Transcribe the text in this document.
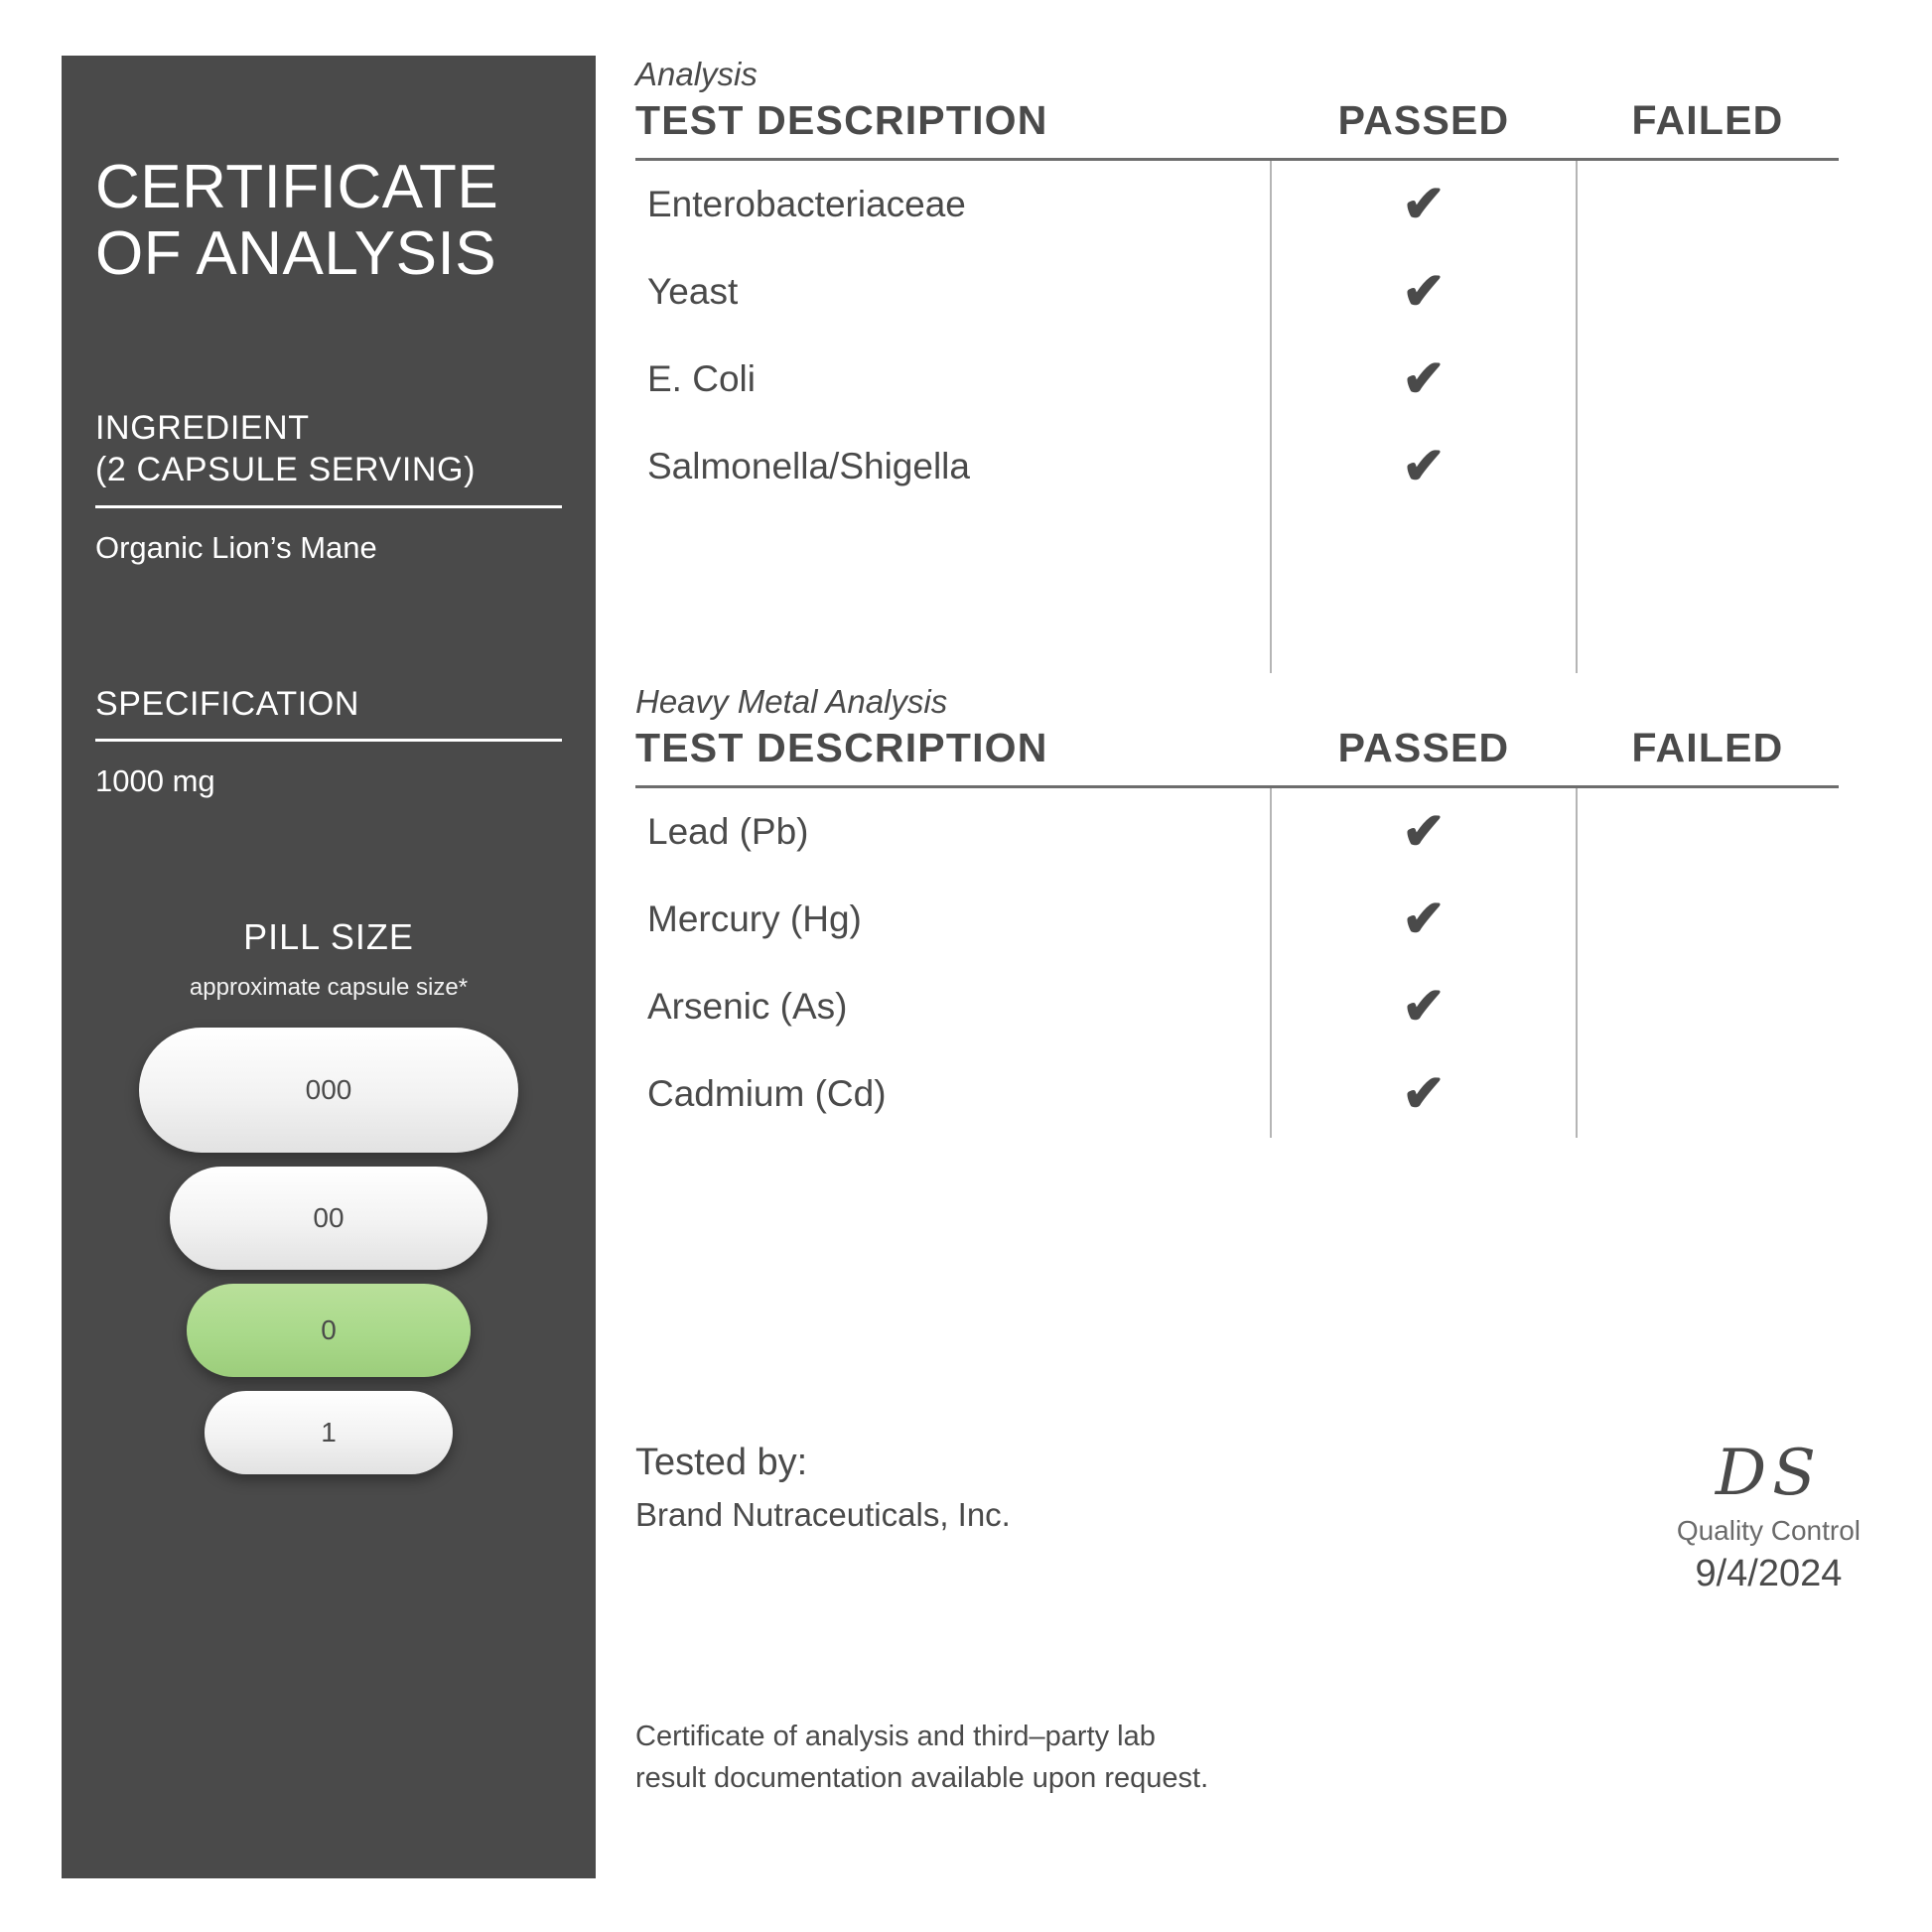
CERTIFICATE
OF ANALYSIS
INGREDIENT
(2 CAPSULE SERVING)
Organic Lion’s Mane
SPECIFICATION
1000 mg
PILL SIZE
approximate capsule size*
000
00
0
1
Analysis
TEST DESCRIPTION	PASSED	FAILED
Enterobacteriaceae	✔	
Yeast	✔	
E. Coli	✔	
Salmonella/Shigella	✔	

Heavy Metal Analysis
TEST DESCRIPTION	PASSED	FAILED
Lead (Pb)	✔	
Mercury (Hg)	✔	
Arsenic (As)	✔	
Cadmium (Cd)	✔	
Tested by:
Brand Nutraceuticals, Inc.
DS
Quality Control
9/4/2024
Certificate of analysis and third–party lab
result documentation available upon request.
